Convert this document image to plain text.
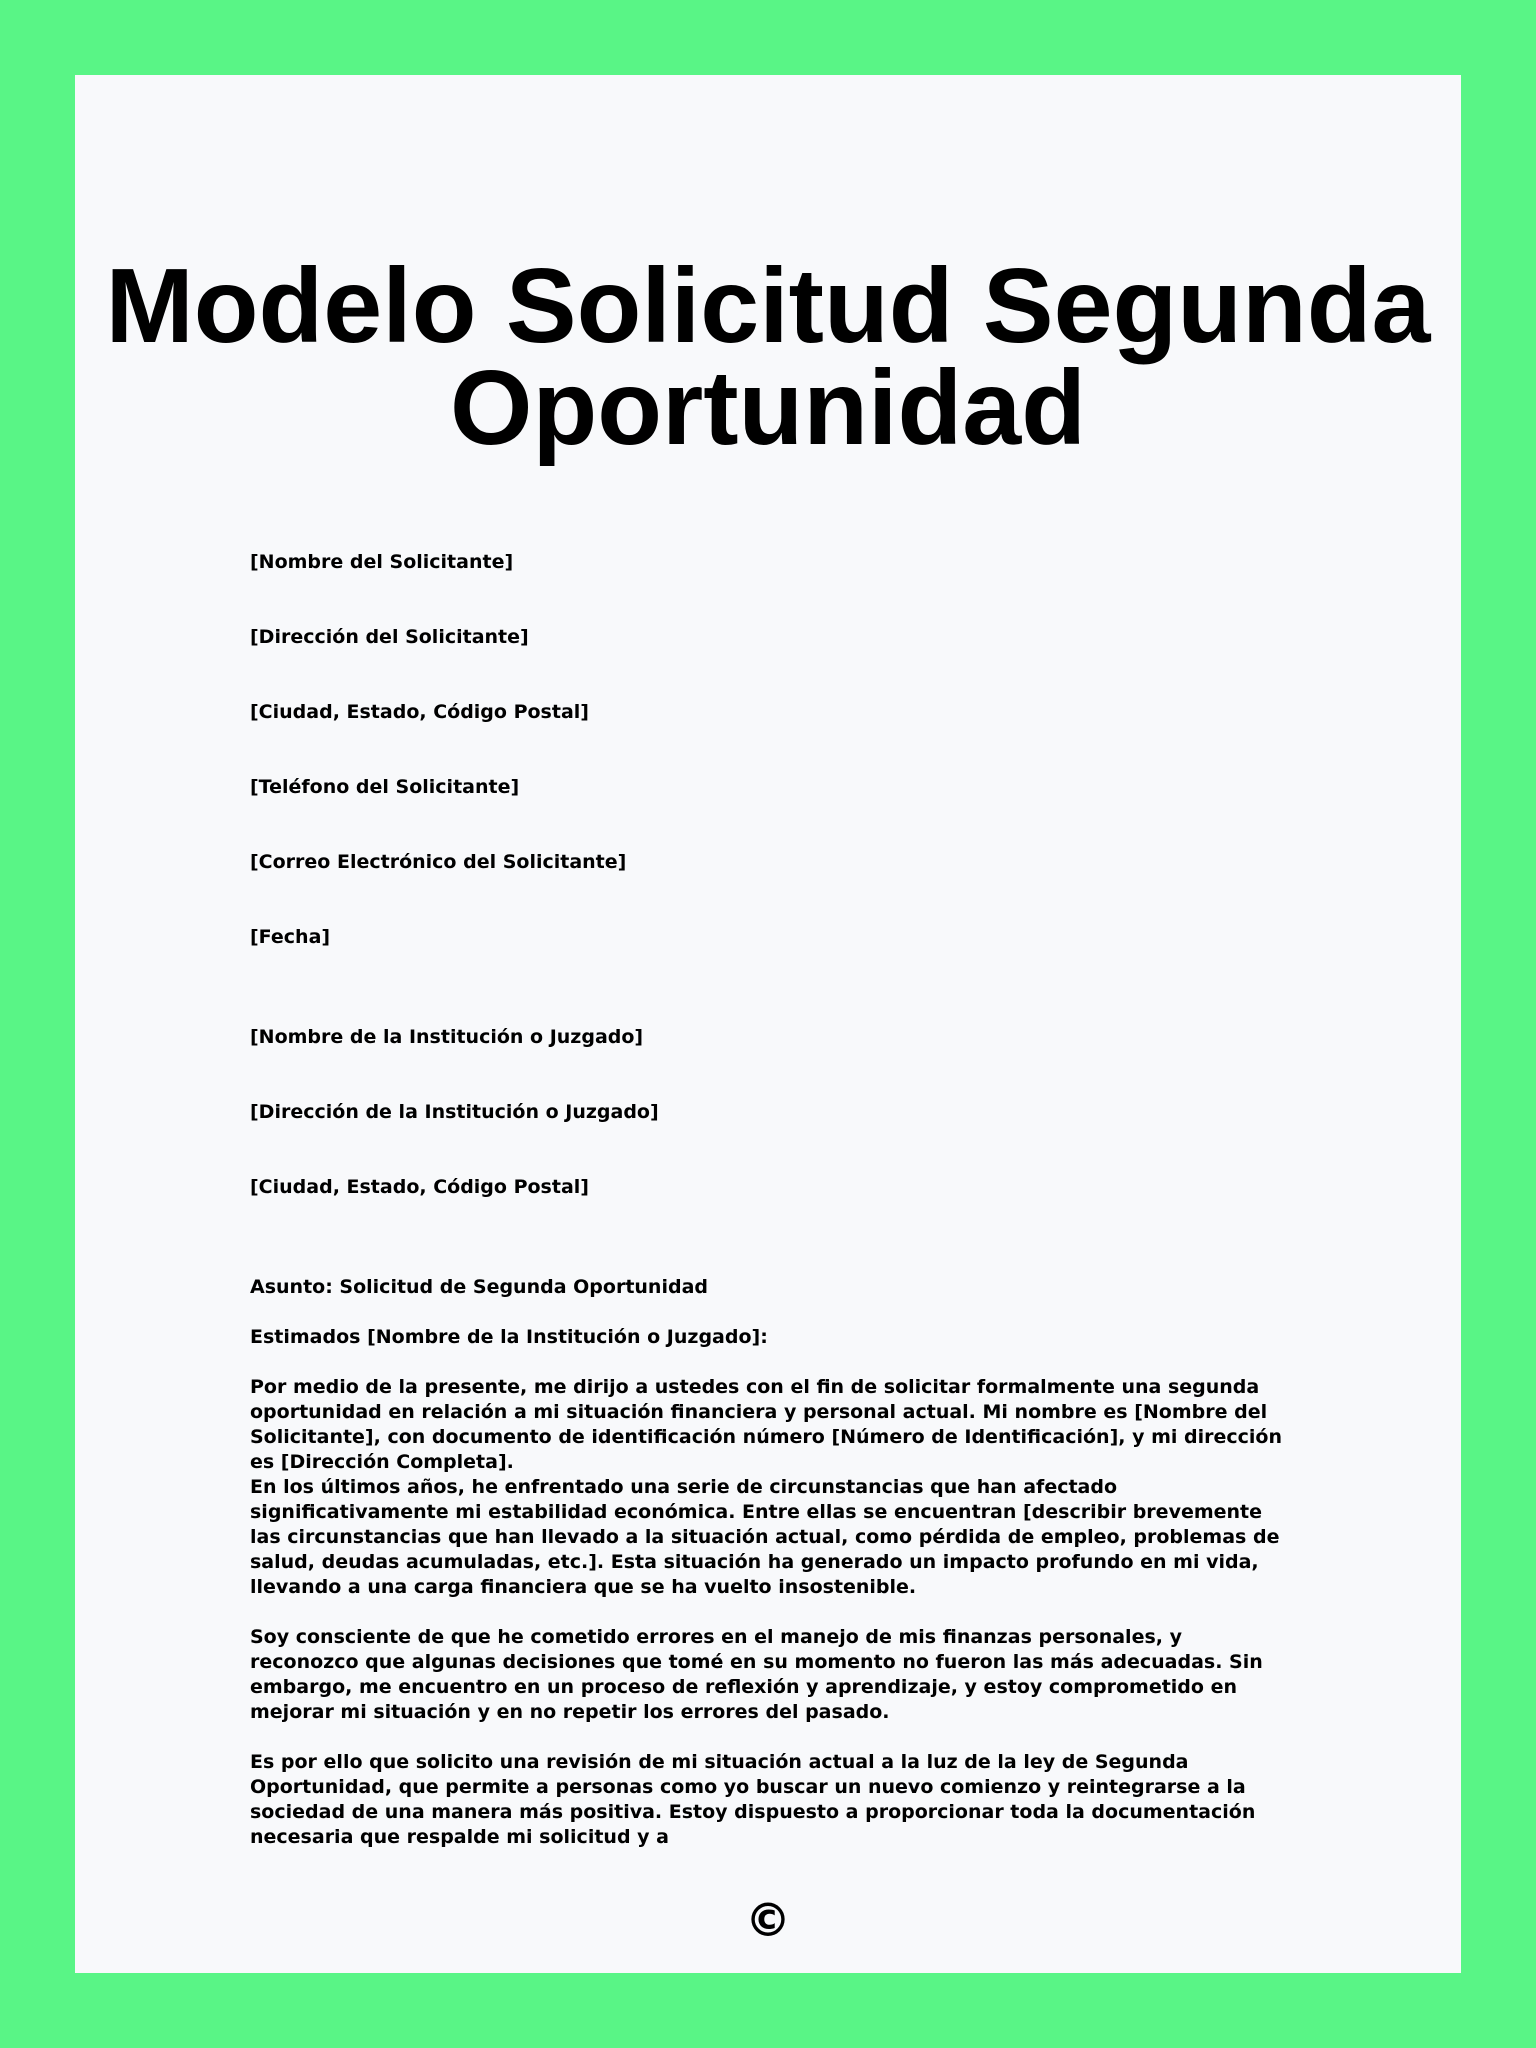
Modelo Solicitud Segunda Oportunidad

[Nombre del Solicitante]

[Dirección del Solicitante]

[Ciudad, Estado, Código Postal]

[Teléfono del Solicitante]

[Correo Electrónico del Solicitante]

[Fecha]

[Nombre de la Institución o Juzgado]

[Dirección de la Institución o Juzgado]

[Ciudad, Estado, Código Postal]

Asunto: Solicitud de Segunda Oportunidad

Estimados [Nombre de la Institución o Juzgado]:

Por medio de la presente, me dirijo a ustedes con el fin de solicitar formalmente una segunda oportunidad en relación a mi situación financiera y personal actual. Mi nombre es [Nombre del Solicitante], con documento de identificación número [Número de Identificación], y mi dirección es [Dirección Completa].

En los últimos años, he enfrentado una serie de circunstancias que han afectado significativamente mi estabilidad económica. Entre ellas se encuentran [describir brevemente las circunstancias que han llevado a la situación actual, como pérdida de empleo, problemas de salud, deudas acumuladas, etc.]. Esta situación ha generado un impacto profundo en mi vida, llevando a una carga financiera que se ha vuelto insostenible.

Soy consciente de que he cometido errores en el manejo de mis finanzas personales, y reconozco que algunas decisiones que tomé en su momento no fueron las más adecuadas. Sin embargo, me encuentro en un proceso de reflexión y aprendizaje, y estoy comprometido en mejorar mi situación y en no repetir los errores del pasado.

Es por ello que solicito una revisión de mi situación actual a la luz de la ley de Segunda Oportunidad, que permite a personas como yo buscar un nuevo comienzo y reintegrarse a la sociedad de una manera más positiva. Estoy dispuesto a proporcionar toda la documentación necesaria que respalde mi solicitud y a

©
